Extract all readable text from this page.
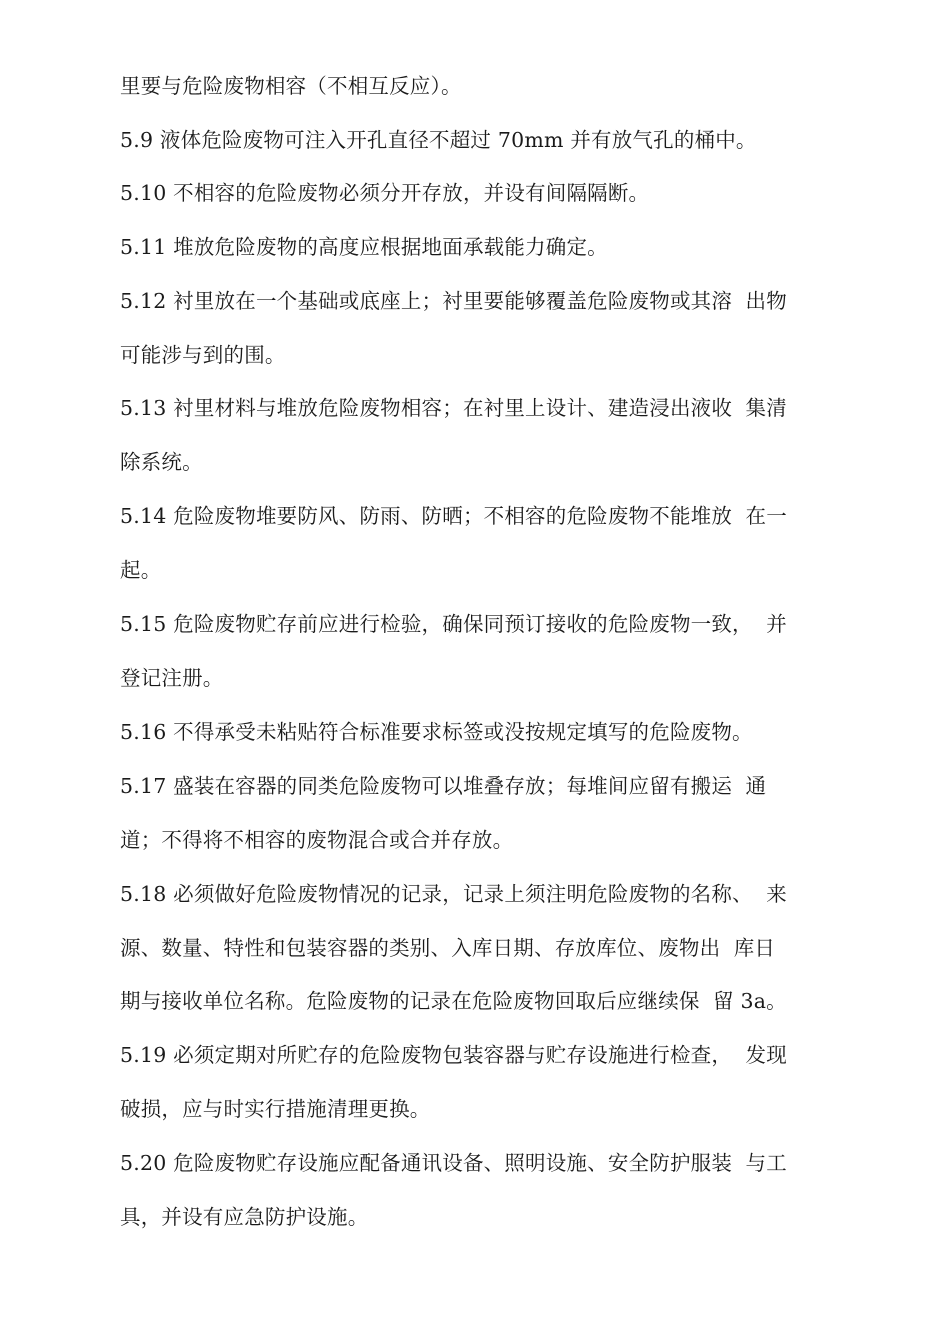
里要与危险废物相容（不相互反应）。
5.9 液体危险废物可注入开孔直径不超过 70mm 并有放气孔的桶中。
5.10 不相容的危险废物必须分开存放，并设有间隔隔断。
5.11 堆放危险废物的高度应根据地面承载能力确定。
5.12 衬里放在一个基础或底座上；衬里要能够覆盖危险废物或其溶  出物
可能涉与到的围。
5.13 衬里材料与堆放危险废物相容；在衬里上设计、建造浸出液收  集清
除系统。
5.14 危险废物堆要防风、防雨、防晒；不相容的危险废物不能堆放  在一
起。
5.15 危险废物贮存前应进行检验，确保同预订接收的危险废物一致，  并
登记注册。
5.16 不得承受未粘贴符合标准要求标签或没按规定填写的危险废物。
5.17 盛装在容器的同类危险废物可以堆叠存放；每堆间应留有搬运  通
道；不得将不相容的废物混合或合并存放。
5.18 必须做好危险废物情况的记录，记录上须注明危险废物的名称、  来
源、数量、特性和包装容器的类别、入库日期、存放库位、废物出  库日
期与接收单位名称。危险废物的记录在危险废物回取后应继续保  留 3a。
5.19 必须定期对所贮存的危险废物包装容器与贮存设施进行检查，  发现
破损，应与时实行措施清理更换。
5.20 危险废物贮存设施应配备通讯设备、照明设施、安全防护服装  与工
具，并设有应急防护设施。
